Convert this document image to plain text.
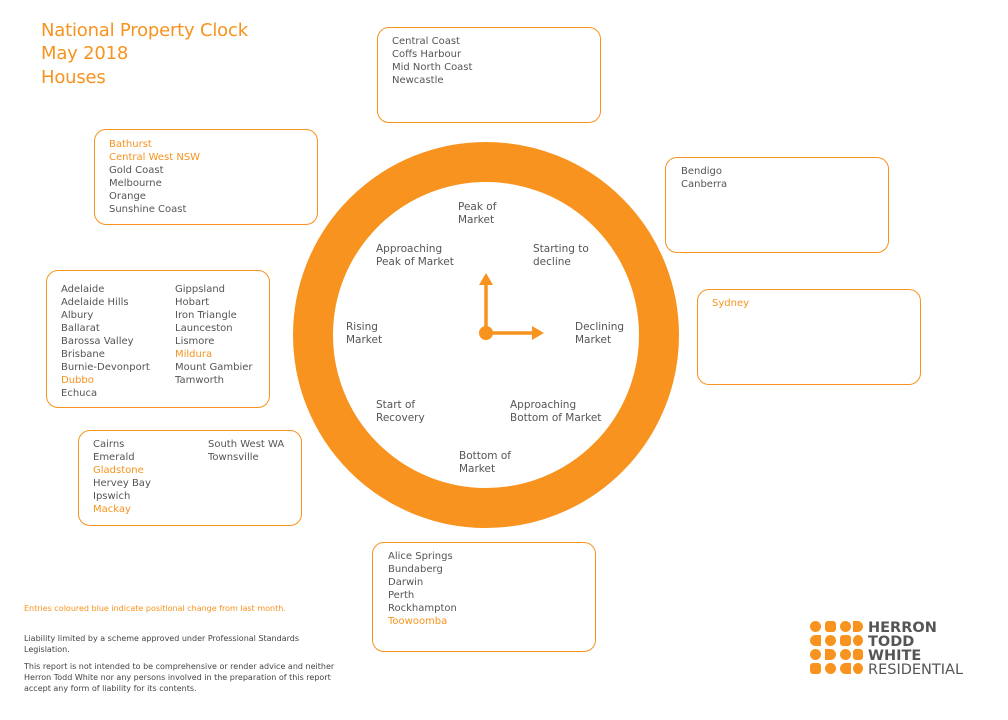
National Property Clock
May 2018
Houses
Peak of
Market
Starting to
decline
Declining
Market
Approaching
Bottom of Market
Bottom of
Market
Start of
Recovery
Rising
Market
Approaching
Peak of Market
Central Coast
Coffs Harbour
Mid North Coast
Newcastle
Bathurst
Central West NSW
Gold Coast
Melbourne
Orange
Sunshine Coast
Adelaide
Adelaide Hills
Albury
Ballarat
Barossa Valley
Brisbane
Burnie-Devonport
Dubbo
Echuca
Gippsland
Hobart
Iron Triangle
Launceston
Lismore
Mildura
Mount Gambier
Tamworth
Cairns
Emerald
Gladstone
Hervey Bay
Ipswich
Mackay
South West WA
Townsville
Alice Springs
Bundaberg
Darwin
Perth
Rockhampton
Toowoomba
Bendigo
Canberra
Sydney
Entries coloured blue indicate positional change from last month.
Liability limited by a scheme approved under Professional Standards
Legislation.
This report is not intended to be comprehensive or render advice and neither
Herron Todd White nor any persons involved in the preparation of this report
accept any form of liability for its contents.
HERRON
TODD
WHITE
RESIDENTIAL
